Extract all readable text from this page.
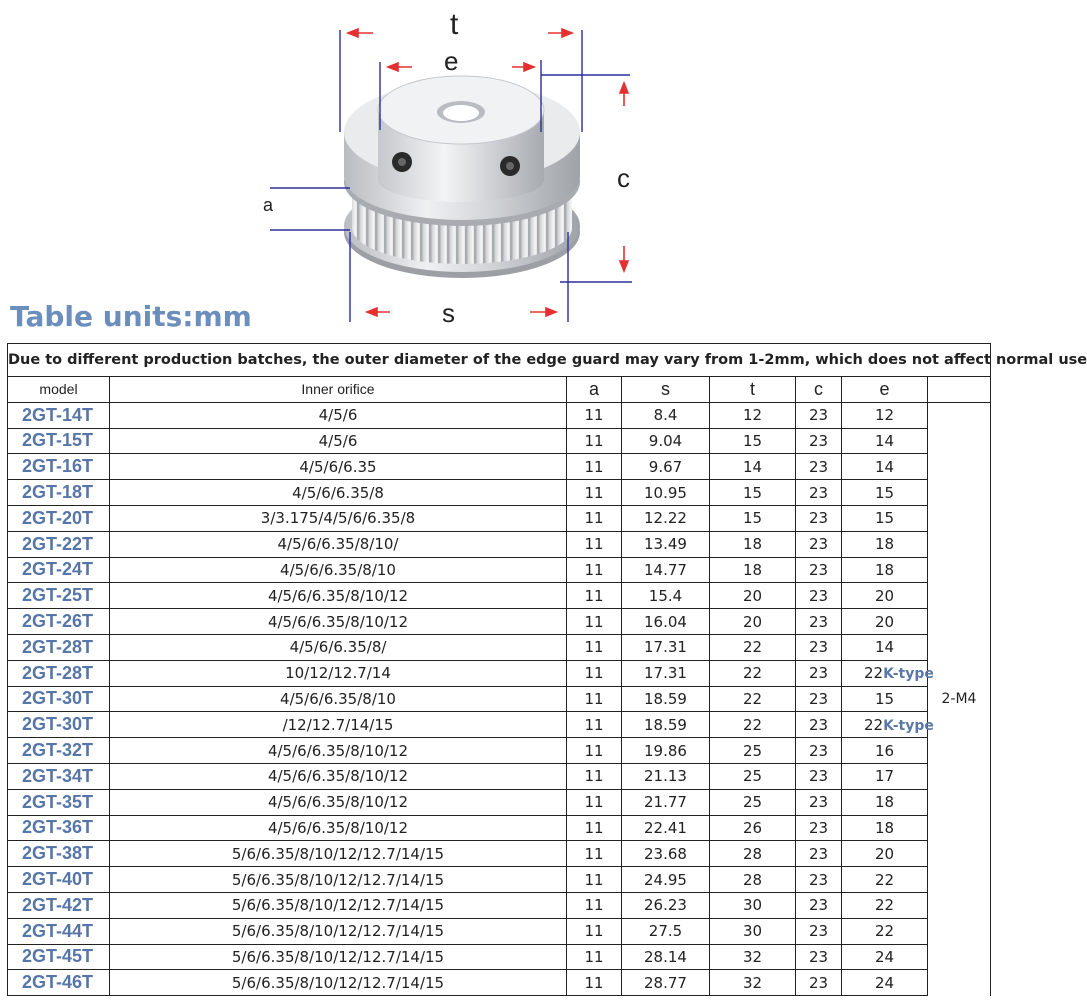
t
e
c
a
s
Table units:mm
Due to different production batches, the outer diameter of the edge guard may vary from 1-2mm, which does not affect normal use							
model	Inner orifice	a	s	t	c	e	
2GT-14T	4/5/6	11	8.4	12	23	12	2-M4
2GT-15T	4/5/6	11	9.04	15	23	14	
2GT-16T	4/5/6/6.35	11	9.67	14	23	14	
2GT-18T	4/5/6/6.35/8	11	10.95	15	23	15	
2GT-20T	3/3.175/4/5/6/6.35/8	11	12.22	15	23	15	
2GT-22T	4/5/6/6.35/8/10/	11	13.49	18	23	18	
2GT-24T	4/5/6/6.35/8/10	11	14.77	18	23	18	
2GT-25T	4/5/6/6.35/8/10/12	11	15.4	20	23	20	
2GT-26T	4/5/6/6.35/8/10/12	11	16.04	20	23	20	
2GT-28T	4/5/6/6.35/8/	11	17.31	22	23	14	
2GT-28T	10/12/12.7/14	11	17.31	22	23	22K-type	
2GT-30T	4/5/6/6.35/8/10	11	18.59	22	23	15	
2GT-30T	/12/12.7/14/15	11	18.59	22	23	22K-type	
2GT-32T	4/5/6/6.35/8/10/12	11	19.86	25	23	16	
2GT-34T	4/5/6/6.35/8/10/12	11	21.13	25	23	17	
2GT-35T	4/5/6/6.35/8/10/12	11	21.77	25	23	18	
2GT-36T	4/5/6/6.35/8/10/12	11	22.41	26	23	18	
2GT-38T	5/6/6.35/8/10/12/12.7/14/15	11	23.68	28	23	20	
2GT-40T	5/6/6.35/8/10/12/12.7/14/15	11	24.95	28	23	22	
2GT-42T	5/6/6.35/8/10/12/12.7/14/15	11	26.23	30	23	22	
2GT-44T	5/6/6.35/8/10/12/12.7/14/15	11	27.5	30	23	22	
2GT-45T	5/6/6.35/8/10/12/12.7/14/15	11	28.14	32	23	24	
2GT-46T	5/6/6.35/8/10/12/12.7/14/15	11	28.77	32	23	24	
